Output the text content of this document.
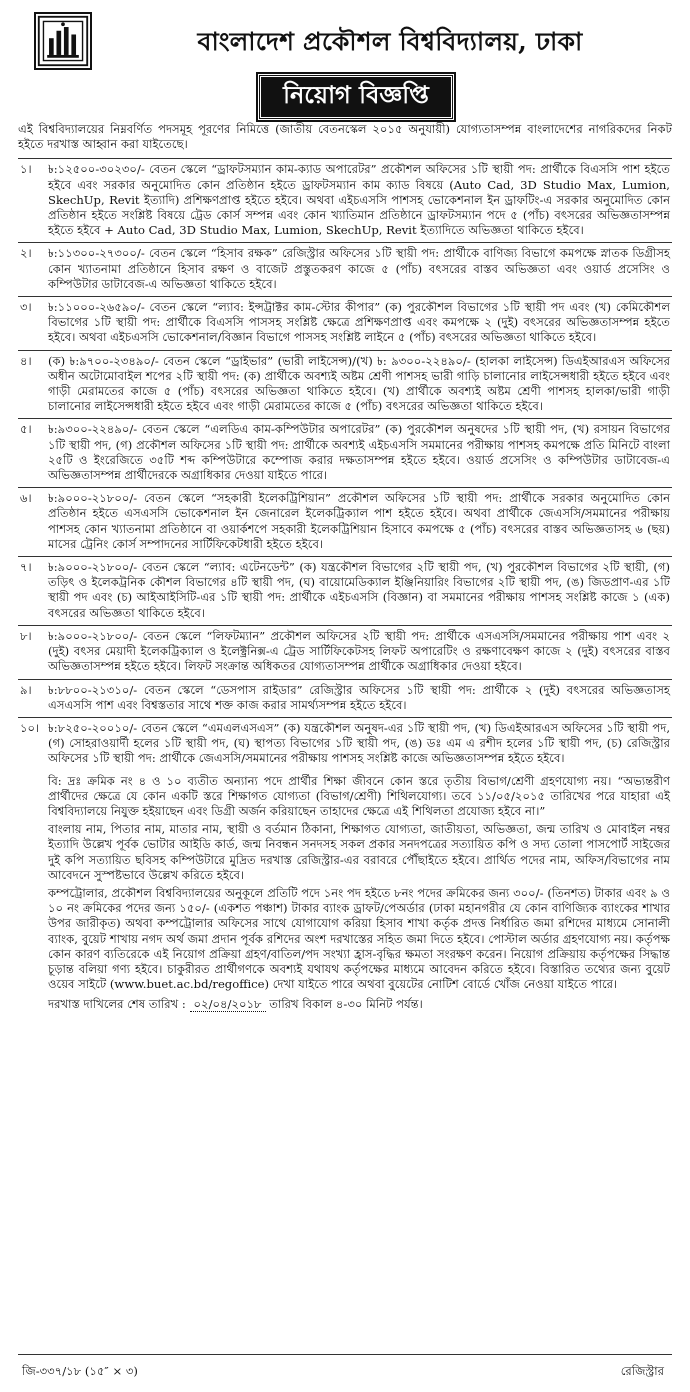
বাংলাদেশ প্রকৌশল বিশ্ববিদ্যালয়, ঢাকা
নিয়োগ বিজ্ঞপ্তি
এই বিশ্ববিদ্যালয়ের নিম্নবর্ণিত পদসমূহ পূরণের নিমিত্তে (জাতীয় বেতনস্কেল ২০১৫ অনুযায়ী) যোগ্যতাসম্পন্ন বাংলাদেশের নাগরিকদের নিকট হইতে দরখাস্ত আহ্বান করা যাইতেছে।
১।	৳:১২৫০০-৩০২৩০/- বেতন স্কেলে “ড্রাফটসম্যান কাম-ক্যাড অপারেটর” প্রকৌশল অফিসের ১টি স্থায়ী পদ: প্রার্থীকে বিএসসি পাশ হইতে হইবে এবং সরকার অনুমোদিত কোন প্রতিষ্ঠান হইতে ড্রাফটসম্যান কাম ক্যাড বিষয়ে (Auto Cad, 3D Studio Max, Lumion, SkechUp, Revit ইত্যাদি) প্রশিক্ষণপ্রাপ্ত হইতে হইবে। অথবা এইচএসসি পাশসহ ভোকেশনাল ইন ড্রাফটিং-এ সরকার অনুমোদিত কোন প্রতিষ্ঠান হইতে সংশ্লিষ্ট বিষয়ে ট্রেড কোর্স সম্পন্ন এবং কোন খ্যাতিমান প্রতিষ্ঠানে ড্রাফটসম্যান পদে ৫ (পাঁচ) বৎসরের অভিজ্ঞতাসম্পন্ন হইতে হইবে + Auto Cad, 3D Studio Max, Lumion, SkechUp, Revit ইত্যাদিতে অভিজ্ঞতা থাকিতে হইবে।
২।	৳:১১৩০০-২৭৩০০/- বেতন স্কেলে “হিসাব রক্ষক” রেজিস্ট্রার অফিসের ১টি স্থায়ী পদ: প্রার্থীকে বাণিজ্য বিভাগে কমপক্ষে স্নাতক ডিগ্রীসহ কোন খ্যাতনামা প্রতিষ্ঠানে হিসাব রক্ষণ ও বাজেট প্রস্তুতকরণ কাজে ৫ (পাঁচ) বৎসরের বাস্তব অভিজ্ঞতা এবং ওয়ার্ড প্রসেসিং ও কম্পিউটার ডাটাবেজ-এ অভিজ্ঞতা থাকিতে হইবে।
৩।	৳:১১০০০-২৬৫৯০/- বেতন স্কেলে “ল্যাব: ইন্সট্রাক্টর কাম-স্টোর কীপার” (ক) পুরকৌশল বিভাগের ১টি স্থায়ী পদ এবং (খ) কেমিকৌশল বিভাগের ১টি স্থায়ী পদ: প্রার্থীকে বিএসসি পাসসহ সংশ্লিষ্ট ক্ষেত্রে প্রশিক্ষণপ্রাপ্ত এবং কমপক্ষে ২ (দুই) বৎসরের অভিজ্ঞতাসম্পন্ন হইতে হইবে। অথবা এইচএসসি ভোকেশনাল/বিজ্ঞান বিভাগে পাসসহ সংশ্লিষ্ট লাইনে ৫ (পাঁচ) বৎসরের অভিজ্ঞতা থাকিতে হইবে।
৪।	(ক) ৳:৯৭০০-২৩৪৯০/- বেতন স্কেলে “ড্রাইভার” (ভারী লাইসেন্স)/(খ) ৳: ৯৩০০-২২৪৯০/- (হালকা লাইসেন্স) ডিএইআরএস অফিসের অধীন অটোমোবাইল শপের ২টি স্থায়ী পদ: (ক) প্রার্থীকে অবশ্যই অষ্টম শ্রেণী পাশসহ ভারী গাড়ি চালানোর লাইসেন্সধারী হইতে হইবে এবং গাড়ী মেরামতের কাজে ৫ (পাঁচ) বৎসরের অভিজ্ঞতা থাকিতে হইবে। (খ) প্রার্থীকে অবশ্যই অষ্টম শ্রেণী পাশসহ হালকা/ভারী গাড়ী চালানোর লাইসেন্সধারী হইতে হইবে এবং গাড়ী মেরামতের কাজে ৫ (পাঁচ) বৎসরের অভিজ্ঞতা থাকিতে হইবে।
৫।	৳:৯৩০০-২২৪৯০/- বেতন স্কেলে “এলডিএ কাম-কম্পিউটার অপারেটর” (ক) পুরকৌশল অনুষদের ১টি স্থায়ী পদ, (খ) রসায়ন বিভাগের ১টি স্থায়ী পদ, (গ) প্রকৌশল অফিসের ১টি স্থায়ী পদ: প্রার্থীকে অবশ্যই এইচএসসি সমমানের পরীক্ষায় পাশসহ কমপক্ষে প্রতি মিনিটে বাংলা ২৫টি ও ইংরেজিতে ৩৫টি শব্দ কম্পিউটারে কম্পোজ করার দক্ষতাসম্পন্ন হইতে হইবে। ওয়ার্ড প্রসেসিং ও কম্পিউটার ডাটাবেজ-এ অভিজ্ঞতাসম্পন্ন প্রার্থীদেরকে অগ্রাধিকার দেওয়া যাইতে পারে।
৬।	৳:৯০০০-২১৮০০/- বেতন স্কেলে “সহকারী ইলেকট্রিশিয়ান” প্রকৌশল অফিসের ১টি স্থায়ী পদ: প্রার্থীকে সরকার অনুমোদিত কোন প্রতিষ্ঠান হইতে এসএসসি ভোকেশনাল ইন জেনারেল ইলেকট্রিক্যাল পাশ হইতে হইবে। অথবা প্রার্থীকে জেএসসি/সমমানের পরীক্ষায় পাশসহ কোন খ্যাতনামা প্রতিষ্ঠানে বা ওয়ার্কশপে সহকারী ইলেকট্রিশিয়ান হিসাবে কমপক্ষে ৫ (পাঁচ) বৎসরের বাস্তব অভিজ্ঞতাসহ ৬ (ছয়) মাসের ট্রেনিং কোর্স সম্পাদনের সার্টিফিকেটধারী হইতে হইবে।
৭।	৳:৯০০০-২১৮০০/- বেতন স্কেলে “ল্যাব: এটেনডেন্ট” (ক) যন্ত্রকৌশল বিভাগের ২টি স্থায়ী পদ, (খ) পুরকৌশল বিভাগের ২টি স্থায়ী, (গ) তড়িৎ ও ইলেকট্রনিক কৌশল বিভাগের ৪টি স্থায়ী পদ, (ঘ) বায়োমেডিক্যাল ইঞ্জিনিয়ারিং বিভাগের ২টি স্থায়ী পদ, (ঙ) জিডপ্রাণ-এর ১টি স্থায়ী পদ এবং (চ) আইআইসিটি-এর ১টি স্থায়ী পদ: প্রার্থীকে এইচএসসি (বিজ্ঞান) বা সমমানের পরীক্ষায় পাশসহ সংশ্লিষ্ট কাজে ১ (এক) বৎসরের অভিজ্ঞতা থাকিতে হইবে।
৮।	৳:৯০০০-২১৮০০/- বেতন স্কেলে “লিফটম্যান” প্রকৌশল অফিসের ২টি স্থায়ী পদ: প্রার্থীকে এসএসসি/সমমানের পরীক্ষায় পাশ এবং ২ (দুই) বৎসর মেয়াদী ইলেকট্রিক্যাল ও ইলেক্ট্রনিক্স-এ ট্রেড সার্টিফিকেটসহ লিফট অপারেটিং ও রক্ষণাবেক্ষণ কাজে ২ (দুই) বৎসরের বাস্তব অভিজ্ঞতাসম্পন্ন হইতে হইবে। লিফট সংক্রান্ত অধিকতর যোগ্যতাসম্পন্ন প্রার্থীকে অগ্রাধিকার দেওয়া হইবে।
৯।	৳:৮৮০০-২১৩১০/- বেতন স্কেলে “ডেসপাস রাইডার” রেজিস্ট্রার অফিসের ১টি স্থায়ী পদ: প্রার্থীকে ২ (দুই) বৎসরের অভিজ্ঞতাসহ এসএসসি পাশ এবং বিশ্বস্ততার সাথে শক্ত কাজ করার সামর্থ্যসম্পন্ন হইতে হইবে।
১০। ৳:৮২৫০-২০০১০/- বেতন স্কেলে “এমএলএসএস” (ক) যন্ত্রকৌশল অনুষদ-এর ১টি স্থায়ী পদ, (খ) ডিএইআরএস অফিসের ১টি স্থায়ী পদ, (গ) সোহরাওয়ার্দী হলের ১টি স্থায়ী পদ, (ঘ) স্থাপত্য বিভাগের ১টি স্থায়ী পদ, (ঙ) ডঃ এম এ রশীদ হলের ১টি স্থায়ী পদ, (চ) রেজিস্ট্রার অফিসের ১টি স্থায়ী পদ: প্রার্থীকে জেএসসি/সমমানের পরীক্ষায় পাশসহ সংশ্লিষ্ট কাজে অভিজ্ঞতাসম্পন্ন হইতে হইবে।

বি: দ্রঃ ক্রমিক নং ৪ ও ১০ ব্যতীত অন্যান্য পদে প্রার্থীর শিক্ষা জীবনে কোন স্তরে তৃতীয় বিভাগ/শ্রেণী গ্রহণযোগ্য নয়। “অভ্যন্তরীণ প্রার্থীদের ক্ষেত্রে যে কোন একটি স্তরে শিক্ষাগত যোগ্যতা (বিভাগ/শ্রেণী) শিথিলযোগ্য। তবে ১১/০৫/২০১৫ তারিখের পরে যাহারা এই বিশ্ববিদ্যালয়ে নিযুক্ত হইয়াছেন এবং ডিগ্রী অর্জন করিয়াছেন তাহাদের ক্ষেত্রে এই শিথিলতা প্রযোজ্য হইবে না।”

বাংলায় নাম, পিতার নাম, মাতার নাম, স্থায়ী ও বর্তমান ঠিকানা, শিক্ষাগত যোগ্যতা, জাতীয়তা, অভিজ্ঞতা, জন্ম তারিখ ও মোবাইল নম্বর ইত্যাদি উল্লেখ পূর্বক ভোটার আইডি কার্ড, জন্ম নিবন্ধন সনদসহ সকল প্রকার সনদপত্রের সত্যায়িত কপি ও সদ্য তোলা পাসপোর্ট সাইজের দুই কপি সত্যায়িত ছবিসহ কম্পিউটারে মুদ্রিত দরখাস্ত রেজিস্ট্রার-এর বরাবরে পৌঁছাইতে হইবে। প্রার্থিত পদের নাম, অফিস/বিভাগের নাম আবেদনে সুস্পষ্টভাবে উল্লেখ করিতে হইবে।

কম্পট্রোলার, প্রকৌশল বিশ্ববিদ্যালয়ের অনুকূলে প্রতিটি পদে ১নং পদ হইতে ৮নং পদের ক্রমিকের জন্য ৩০০/- (তিনশত) টাকার এবং ৯ ও ১০ নং ক্রমিকের পদের জন্য ১৫০/- (একশত পঞ্চাশ) টাকার ব্যাংক ড্রাফট/পেঅর্ডার (ঢাকা মহানগরীর যে কোন বাণিজ্যিক ব্যাংকের শাখার উপর জারীকৃত) অথবা কম্পট্রোলার অফিসের সাথে যোগাযোগ করিয়া হিসাব শাখা কর্তৃক প্রদত্ত নির্ধারিত জমা রশিদের মাধ্যমে সোনালী ব্যাংক, বুয়েট শাখায় নগদ অর্থ জমা প্রদান পূর্বক রশিদের অংশ দরখাস্তের সহিত জমা দিতে হইবে। পোস্টাল অর্ডার গ্রহণযোগ্য নয়। কর্তৃপক্ষ কোন কারণ ব্যতিরেকে এই নিয়োগ প্রক্রিয়া গ্রহণ/বাতিল/পদ সংখ্যা হ্রাস-বৃদ্ধির ক্ষমতা সংরক্ষণ করেন। নিয়োগ প্রক্রিয়ায় কর্তৃপক্ষের সিদ্ধান্ত চূড়ান্ত বলিয়া গণ্য হইবে। চাকুরীরত প্রার্থীগণকে অবশ্যই যথাযথ কর্তৃপক্ষের মাধ্যমে আবেদন করিতে হইবে। বিস্তারিত তথ্যের জন্য বুয়েট ওয়েব সাইটে (www.buet.ac.bd/regoffice) দেখা যাইতে পারে অথবা বুয়েটের নোটিশ বোর্ডে খোঁজ নেওয়া যাইতে পারে।

দরখাস্ত দাখিলের শেষ তারিখ : ০২/০৪/২০১৮ তারিখ বিকাল ৪-৩০ মিনিট পর্যন্ত।
জি-৩৩৭/১৮ (১৫″ × ৩)	রেজিস্ট্রার
